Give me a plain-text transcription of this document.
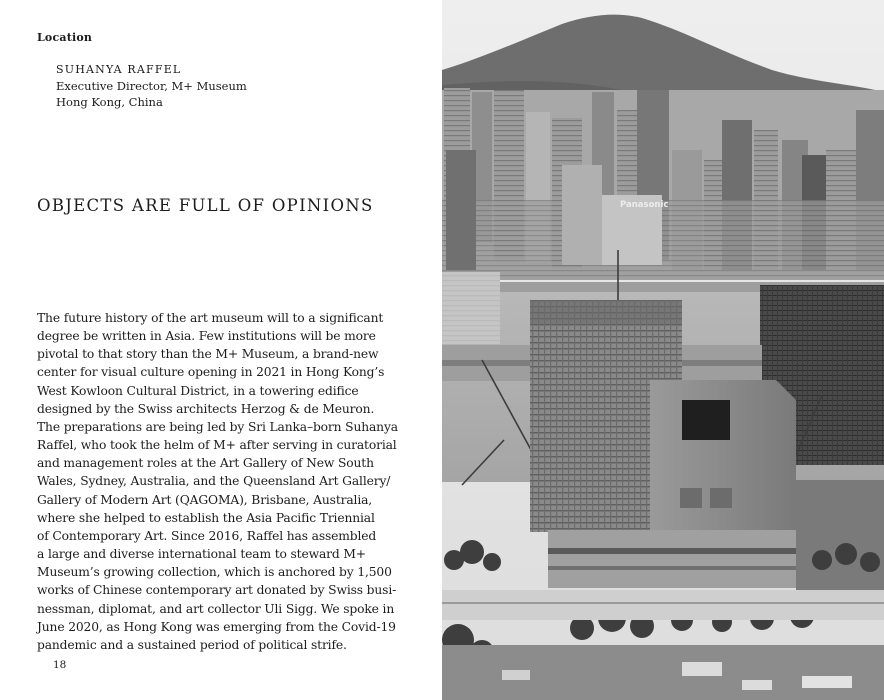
Location
SUHANYA RAFFEL
Executive Director, M+ Museum
Hong Kong, China
OBJECTS ARE FULL OF OPINIONS

The future history of the art museum will to a significant
degree be written in Asia. Few institutions will be more
pivotal to that story than the M+ Museum, a brand-new
center for visual culture opening in 2021 in Hong Kong’s
West Kowloon Cultural District, in a towering edifice
designed by the Swiss architects Herzog & de Meuron.
The preparations are being led by Sri Lanka–born Suhanya
Raffel, who took the helm of M+ after serving in curatorial
and management roles at the Art Gallery of New South
Wales, Sydney, Australia, and the Queensland Art Gallery/
Gallery of Modern Art (QAGOMA), Brisbane, Australia,
where she helped to establish the Asia Pacific Triennial
of Contemporary Art. Since 2016, Raffel has assembled
a large and diverse international team to steward M+
Museum’s growing collection, which is anchored by 1,500
works of Chinese contemporary art donated by Swiss busi-
nessman, diplomat, and art collector Uli Sigg. We spoke in
June 2020, as Hong Kong was emerging from the Covid-19
pandemic and a sustained period of political strife.

18
Panasonic
